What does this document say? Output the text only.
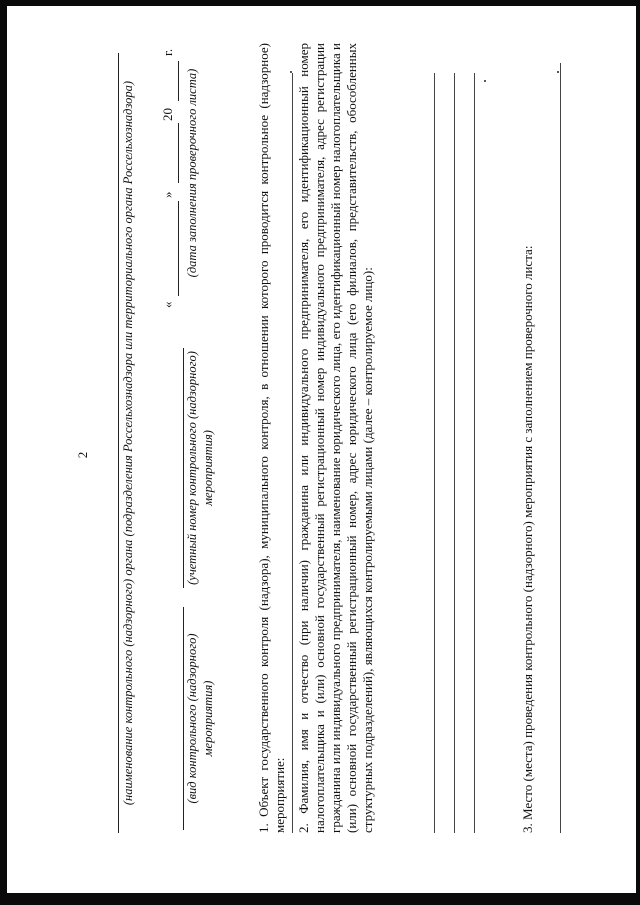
2 (наименование контрольного (надзорного) органа (подразделения Россельхознадзора или территориального органа Россельхознадзора)	(вид контрольного (надзорного) мероприятия)
(учетный номер контрольного (надзорного) мероприятия)
«
»
20
г.
(дата заполнения проверочного листа)	1. Объект государственного контроля (надзора), муниципального контроля, в отношении которого проводится контрольное (надзорное) мероприятие: 2. Фамилия, имя и отчество (при наличии) гражданина или индивидуального предпринимателя, его идентификационный номер налогоплательщика и (или) основной государственный регистрационный номер индивидуального предпринимателя, адрес регистрации гражданина или индивидуального предпринимателя, наименование юридического лица, его идентификационный номер налогоплательщика и (или) основной государственный регистрационный номер, адрес юридического лица (его филиалов, представительств, обособленных структурных подразделений), являющихся контролируемыми лицами (далее – контролируемое лицо):	3. Место (места) проведения контрольного (надзорного) мероприятия с заполнением проверочного листа:
